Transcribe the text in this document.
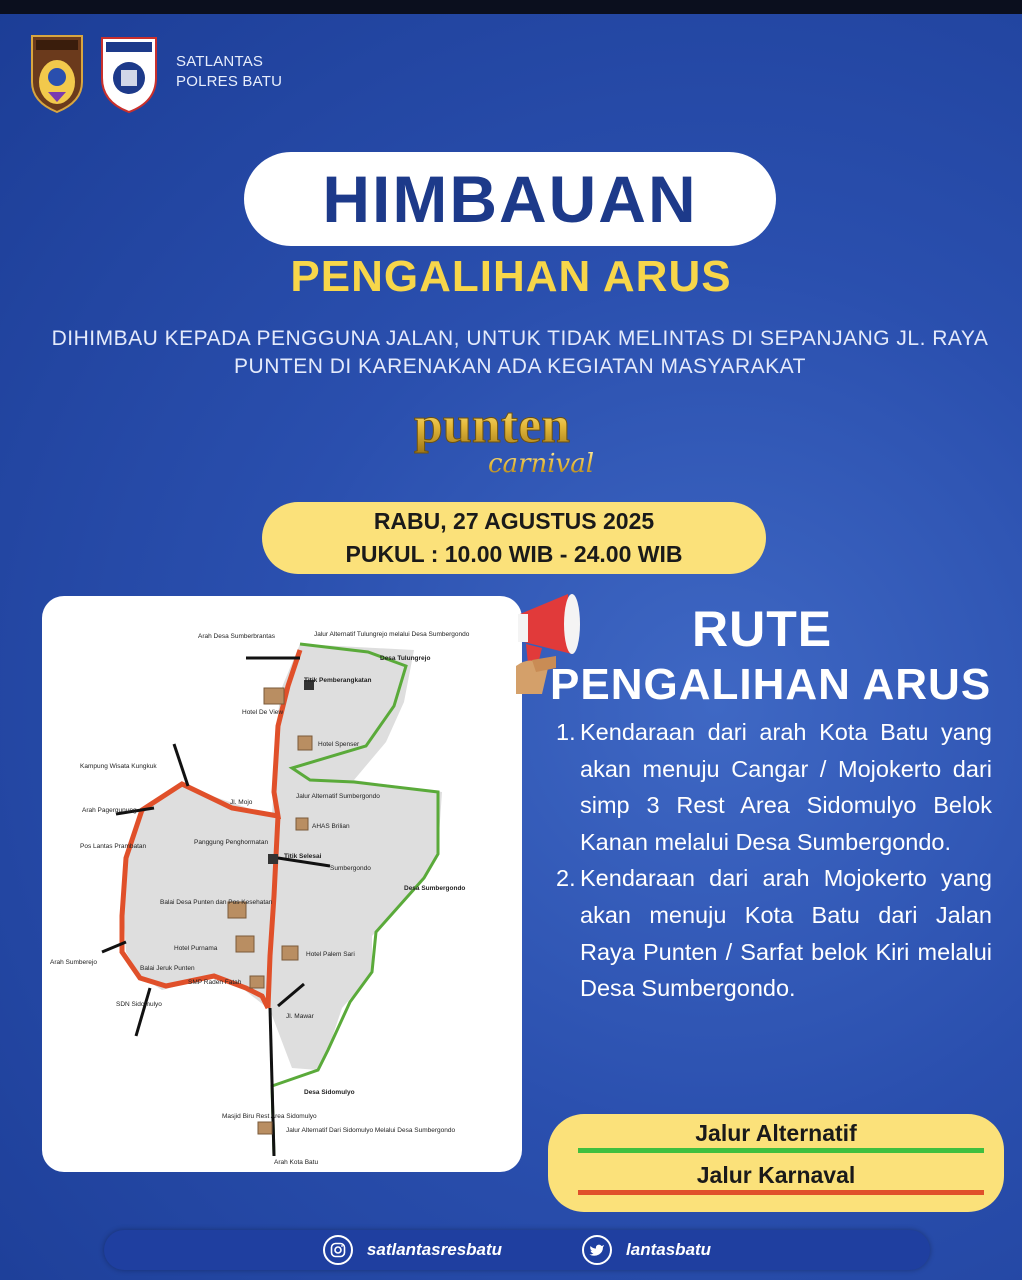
SATLANTAS
POLRES BATU
HIMBAUAN
PENGALIHAN ARUS
DIHIMBAU KEPADA PENGGUNA JALAN, UNTUK TIDAK MELINTAS DI SEPANJANG JL. RAYA PUNTEN DI KARENAKAN ADA KEGIATAN MASYARAKAT
punten
carnival
RABU, 27 AGUSTUS 2025
PUKUL : 10.00 WIB - 24.00 WIB
Arah Desa Sumberbrantas	Jalur Alternatif Tulungrejo melalui Desa Sumbergondo
Desa Tulungrejo
Titik Pemberangkatan
Hotel De View
Hotel Spenser
Kampung Wisata Kungkuk
Jalur Alternatif Sumbergondo
Arah Pagergunung
Jl. Mojo
AHAS Brilian
Pos Lantas Prambatan
Panggung Penghormatan
Titik Selesai
Sumbergondo
Desa Sumbergondo
Balai Desa Punten dan Pos Kesehatan
Hotel Purnama
Hotel Palem Sari
Arah Sumberejo
Balai Jeruk Punten
SMP Raden Fatah
SDN Sidomulyo
Jl. Mawar
Desa Sidomulyo
Masjid Biru Rest Area Sidomulyo
Jalur Alternatif Dari Sidomulyo Melalui Desa Sumbergondo
Arah Kota Batu
RUTE
PENGALIHAN ARUS
1. Kendaraan dari arah Kota Batu yang akan menuju Cangar / Mojokerto dari simp 3 Rest Area Sidomulyo Belok Kanan melalui Desa Sumbergondo.
2. Kendaraan dari arah Mojokerto yang akan menuju Kota Batu dari Jalan Raya Punten / Sarfat belok Kiri melalui Desa Sumbergondo.
Jalur Alternatif
Jalur Karnaval
satlantasresbatu	lantasbatu
